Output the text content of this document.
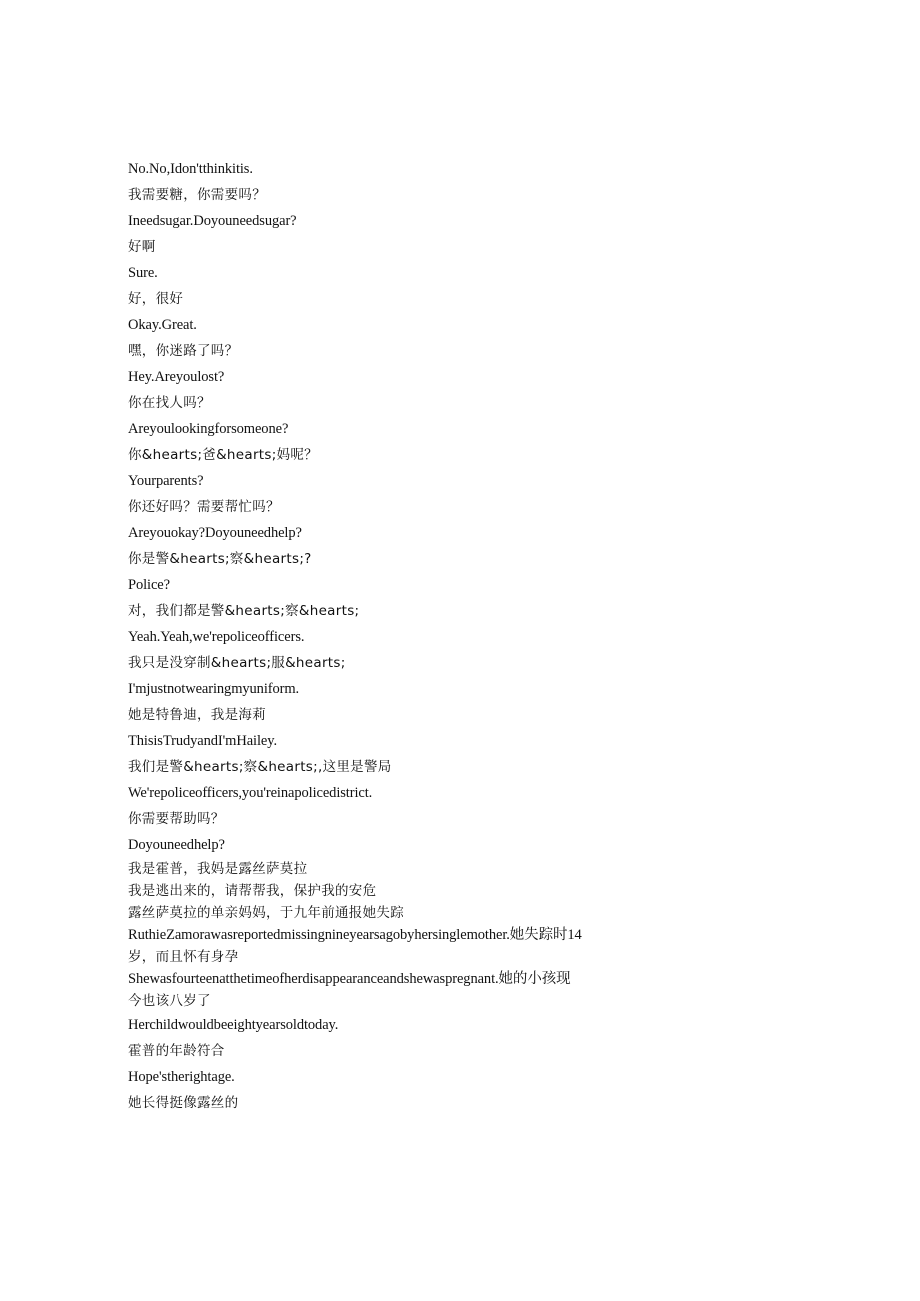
No.No,Idon'tthinkitis.

我需要糖，你需要吗？

Ineedsugar.Doyouneedsugar?

好啊

Sure.

好，很好

Okay.Great.

嘿，你迷路了吗？

Hey.Areyoulost?

你在找人吗？

Areyoulookingforsomeone?

你&hearts;爸&hearts;妈呢？

Yourparents?

你还好吗？需要帮忙吗？

Areyouokay?Doyouneedhelp?

你是警&hearts;察&hearts;?

Police?

对，我们都是警&hearts;察&hearts;

Yeah.Yeah,we'repoliceofficers.

我只是没穿制&hearts;服&hearts;

I'mjustnotwearingmyuniform.

她是特鲁迪，我是海莉

ThisisTrudyandI'mHailey.

我们是警&hearts;察&hearts;,这里是警局

We'repoliceofficers,you'reinapolicedistrict.

你需要帮助吗？

Doyouneedhelp?

我是霍普，我妈是露丝萨莫拉

我是逃出来的，请帮帮我，保护我的安危

露丝萨莫拉的单亲妈妈，于九年前通报她失踪

RuthieZamorawasreportedmissingnineyearsagobyhersinglemother.她失踪时14

岁，而且怀有身孕

Shewasfourteenatthetimeofherdisappearanceandshewaspregnant.她的小孩现

今也该八岁了

Herchildwouldbeeightyearsoldtoday.

霍普的年龄符合

Hope'stherightage.

她长得挺像露丝的
